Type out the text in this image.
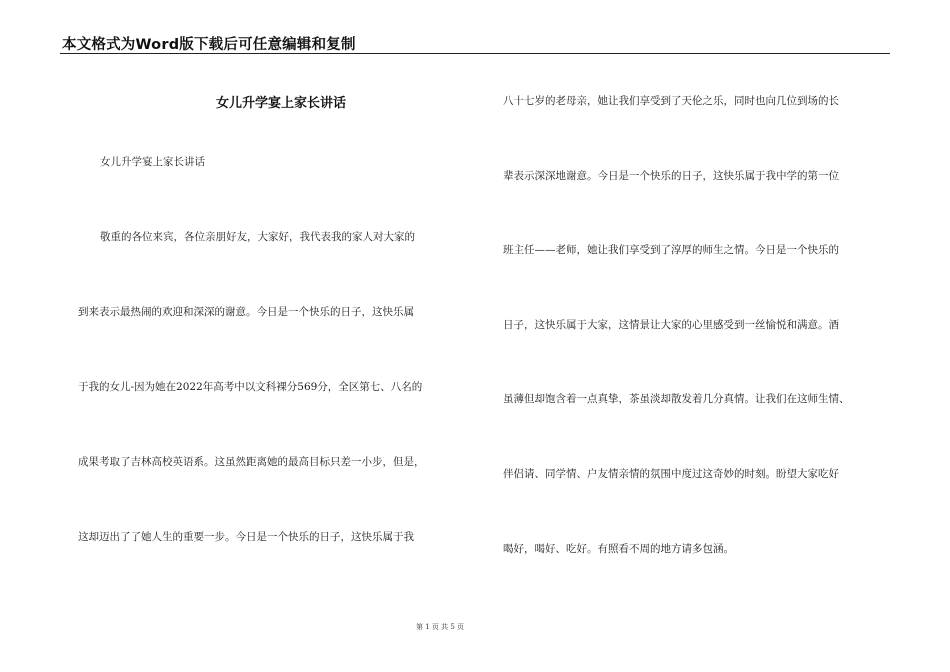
本文格式为Word版下载后可任意编辑和复制
女儿升学宴上家长讲话
女儿升学宴上家长讲话
敬重的各位来宾，各位亲朋好友，大家好，我代表我的家人对大家的
到来表示最热闹的欢迎和深深的谢意。今日是一个快乐的日子，这快乐属
于我的女儿-因为她在2022年高考中以文科裸分569分，全区第七、八名的
成果考取了吉林高校英语系。这虽然距离她的最高目标只差一小步，但是，
这却迈出了了她人生的重要一步。今日是一个快乐的日子，这快乐属于我
八十七岁的老母亲，她让我们享受到了天伦之乐，同时也向几位到场的长
辈表示深深地谢意。今日是一个快乐的日子，这快乐属于我中学的第一位
班主任——老师，她让我们享受到了淳厚的师生之情。今日是一个快乐的
日子，这快乐属于大家，这情景让大家的心里感受到一丝愉悦和满意。酒
虽薄但却饱含着一点真挚，茶虽淡却散发着几分真情。让我们在这师生情、
伴侣请、同学情、户友情亲情的氛围中度过这奇妙的时刻。盼望大家吃好
喝好，喝好、吃好。有照看不周的地方请多包涵。
第 1 页 共 5 页
